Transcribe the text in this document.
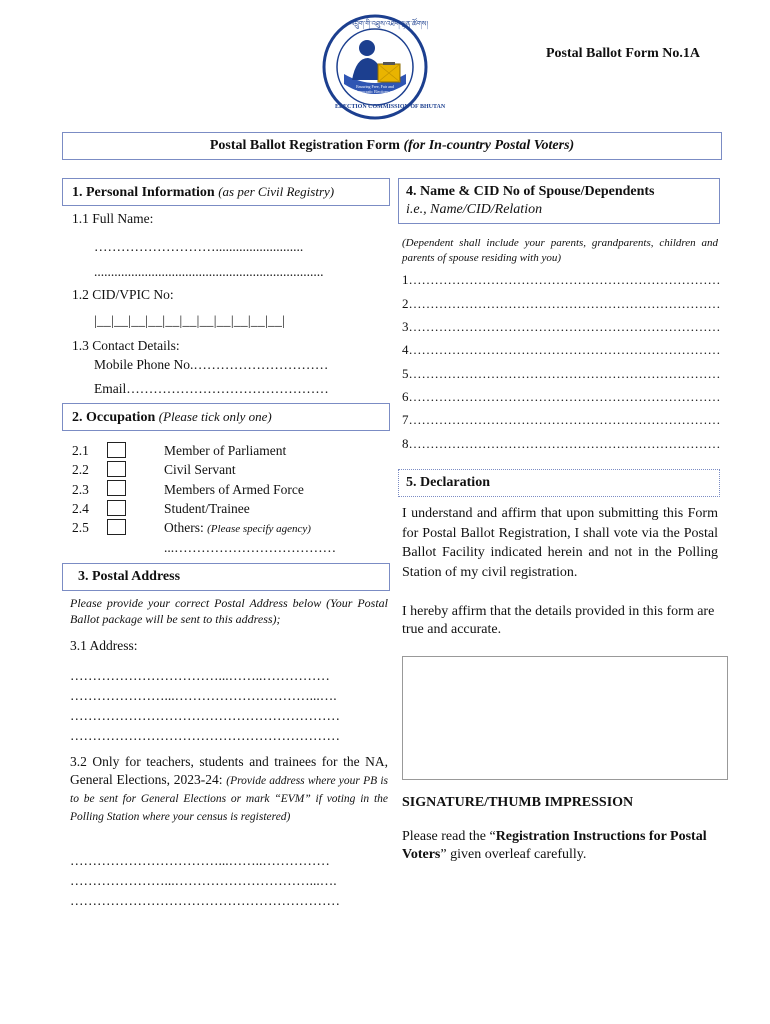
འབྲུག་གི་འཐུས་འཐག་ལྷན་ཚོགས།
Ensuring Free, Fair and Democratic Elections and Referendums
ELECTION COMMISSION OF BHUTAN
Postal Ballot Form No.1A
Postal Ballot Registration Form (for In-country Postal Voters)
1. Personal Information (as per Civil Registry)
1.1 Full Name:
………………………..........................
....................................................................
1.2 CID/VPIC No:
|__|__|__|__|__|__|__|__|__|__|__|
1.3 Contact Details:
Mobile Phone No.…………………………
Email………………………………………
2. Occupation (Please tick only one)
2.1	Member of Parliament
2.2	Civil Servant
2.3	Members of Armed Force
2.4	Student/Trainee
2.5	Others: (Please specify agency)
...………………………………
3. Postal Address
Please provide your correct Postal Address below (Your Postal Ballot package will be sent to this address);
3.1 Address:
……………………………...……..……………
…………………...…………………………...….
……………………………………………………
……………………………………………………
3.2 Only for teachers, students and trainees for the NA, General Elections, 2023-24: (Provide address where your PB is to be sent for General Elections or mark “EVM” if voting in the Polling Station where your census is registered)
……………………………...……..……………
…………………...…………………………...….
……………………………………………………
4. Name & CID No of Spouse/Dependents
i.e., Name/CID/Relation
(Dependent shall include your parents, grandparents, children and parents of spouse residing with you)
1………………………………………………………………
2………………………………………………………………
3………………………………………………………………
4………………………………………………………………
5………………………………………………………………
6………………………………………………………………
7………………………………………………………………
8………………………………………………………………
5. Declaration
I understand and affirm that upon submitting this Form for Postal Ballot Registration, I shall vote via the Postal Ballot Facility indicated herein and not in the Polling Station of my civil registration.
I hereby affirm that the details provided in this form are true and accurate.
SIGNATURE/THUMB IMPRESSION
Please read the “Registration Instructions for Postal Voters” given overleaf carefully.
